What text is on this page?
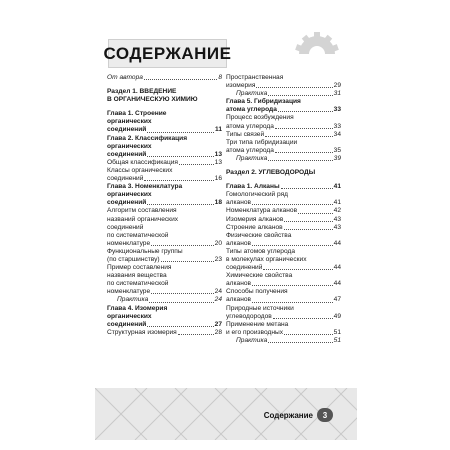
СОДЕРЖАНИЕ
От автора	8
Раздел 1. ВВЕДЕНИЕ
В ОРГАНИЧЕСКУЮ ХИМИЮ
Глава 1. Строение
органических
соединений	11
Глава 2. Классификация
органических
соединений	13
Общая классификация	13
Классы органических
соединений	16
Глава 3. Номенклатура
органических
соединений	18
Алгоритм составления
названий органических
соединений
по систематической
номенклатуре	20
Функциональные группы
(по старшинству)	23
Пример составления
названия вещества
по систематической
номенклатуре	24
Практика	24
Глава 4. Изомерия
органических
соединений	27
Структурная изомерия	28
Пространственная
изомерия	29
Практика	31
Глава 5. Гибридизация
атома углерода	33
Процесс возбуждения
атома углерода	33
Типы связей	34
Три типа гибридизации
атома углерода	35
Практика	39
Раздел 2. УГЛЕВОДОРОДЫ
Глава 1. Алканы	41
Гомологический ряд
алканов	41
Номенклатура алканов	42
Изомерия алканов	43
Строение алканов	43
Физические свойства
алканов	44
Типы атомов углерода
в молекулах органических
соединений	44
Химические свойства
алканов	44
Способы получения
алканов	47
Природные источники
углеводородов	49
Применение метана
и его производных	51
Практика	51
Содержание	3
